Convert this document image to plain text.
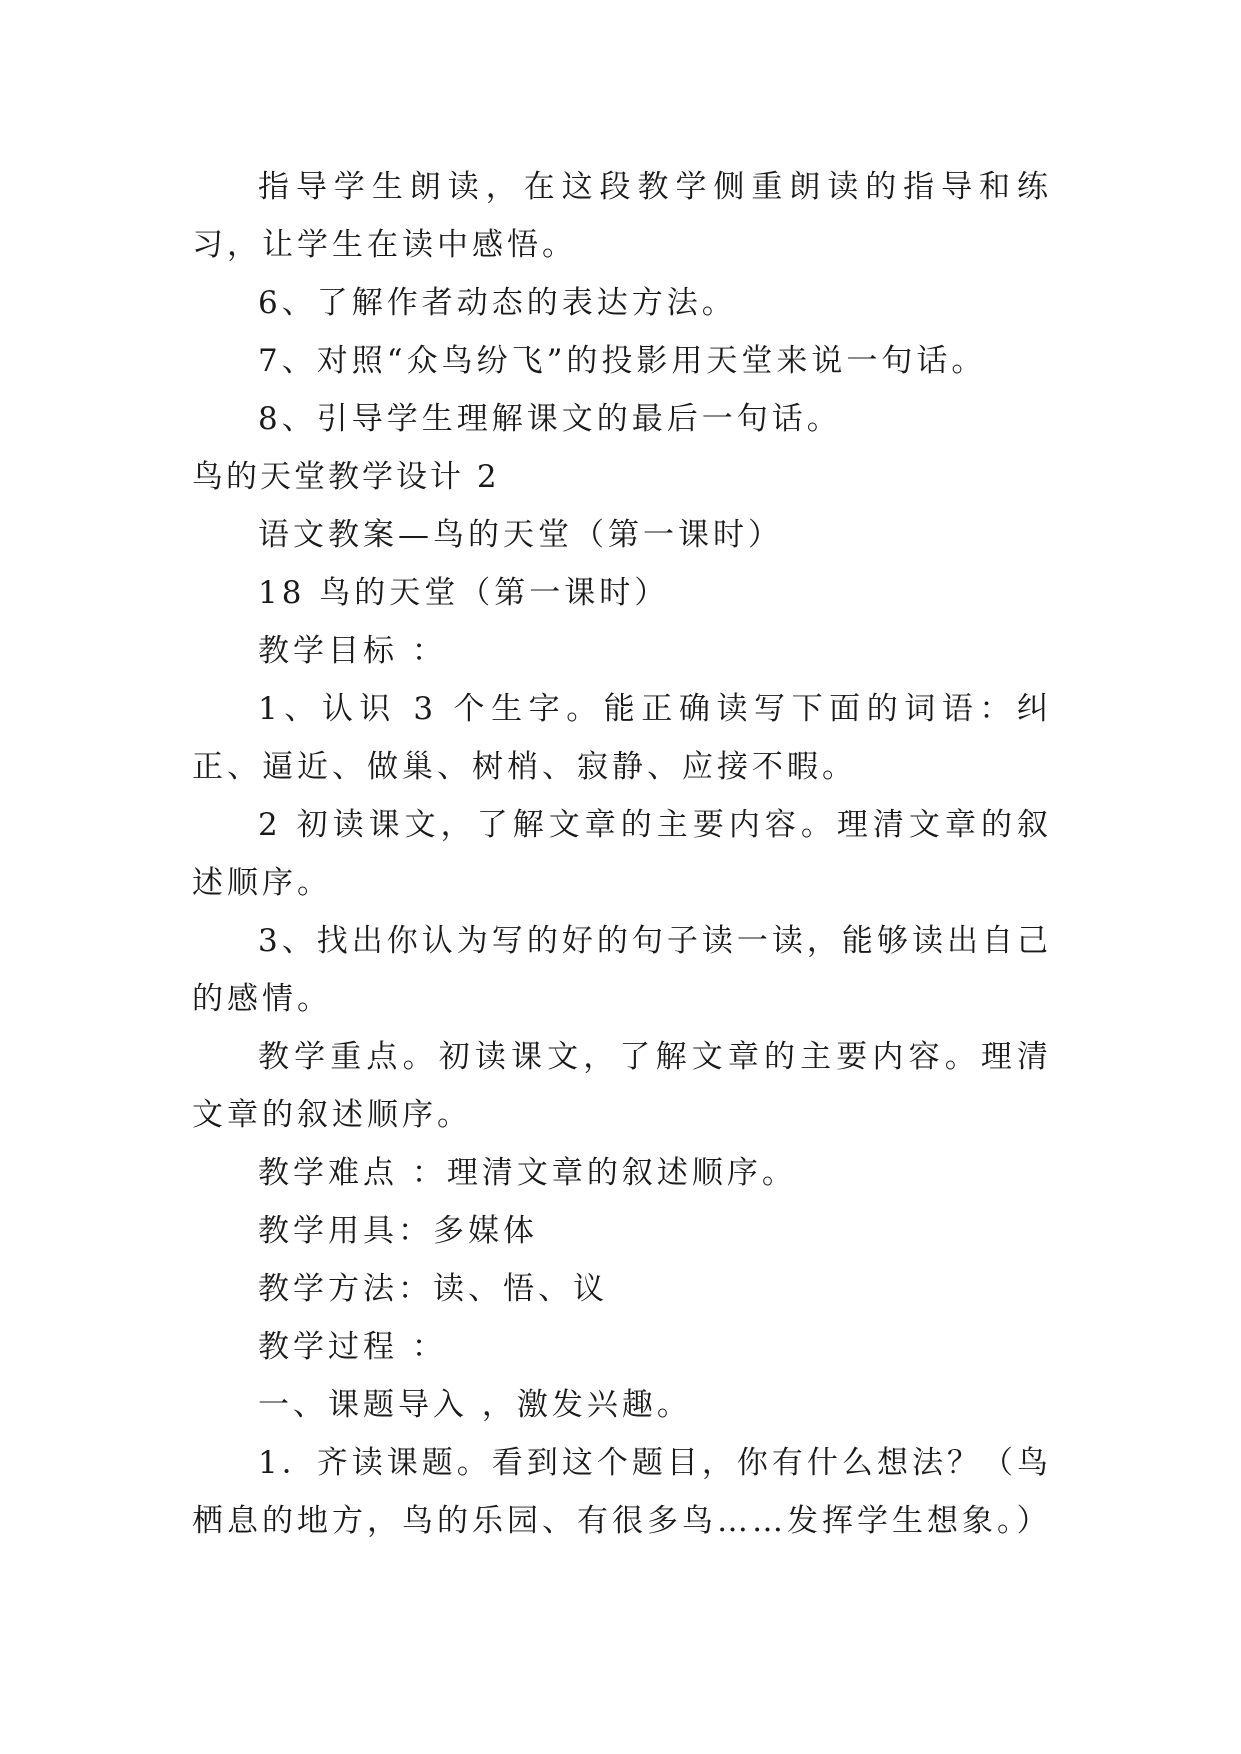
指导学生朗读，在这段教学侧重朗读的指导和练习，让学生在读中感悟。

6、了解作者动态的表达方法。

7、对照“众鸟纷飞”的投影用天堂来说一句话。

8、引导学生理解课文的最后一句话。

鸟的天堂教学设计 2

语文教案—鸟的天堂（第一课时）

18 鸟的天堂（第一课时）

教学目标 ：

1、认识 3 个生字。能正确读写下面的词语：纠正、逼近、做巢、树梢、寂静、应接不暇。

2 初读课文，了解文章的主要内容。理清文章的叙述顺序。

3、找出你认为写的好的句子读一读，能够读出自己的感情。

教学重点。初读课文，了解文章的主要内容。理清文章的叙述顺序。

教学难点 ：理清文章的叙述顺序。

教学用具：多媒体

教学方法：读、悟、议

教学过程 ：

一、课题导入 ，激发兴趣。

1．齐读课题。看到这个题目，你有什么想法？（鸟栖息的地方，鸟的乐园、有很多鸟……发挥学生想象。）
